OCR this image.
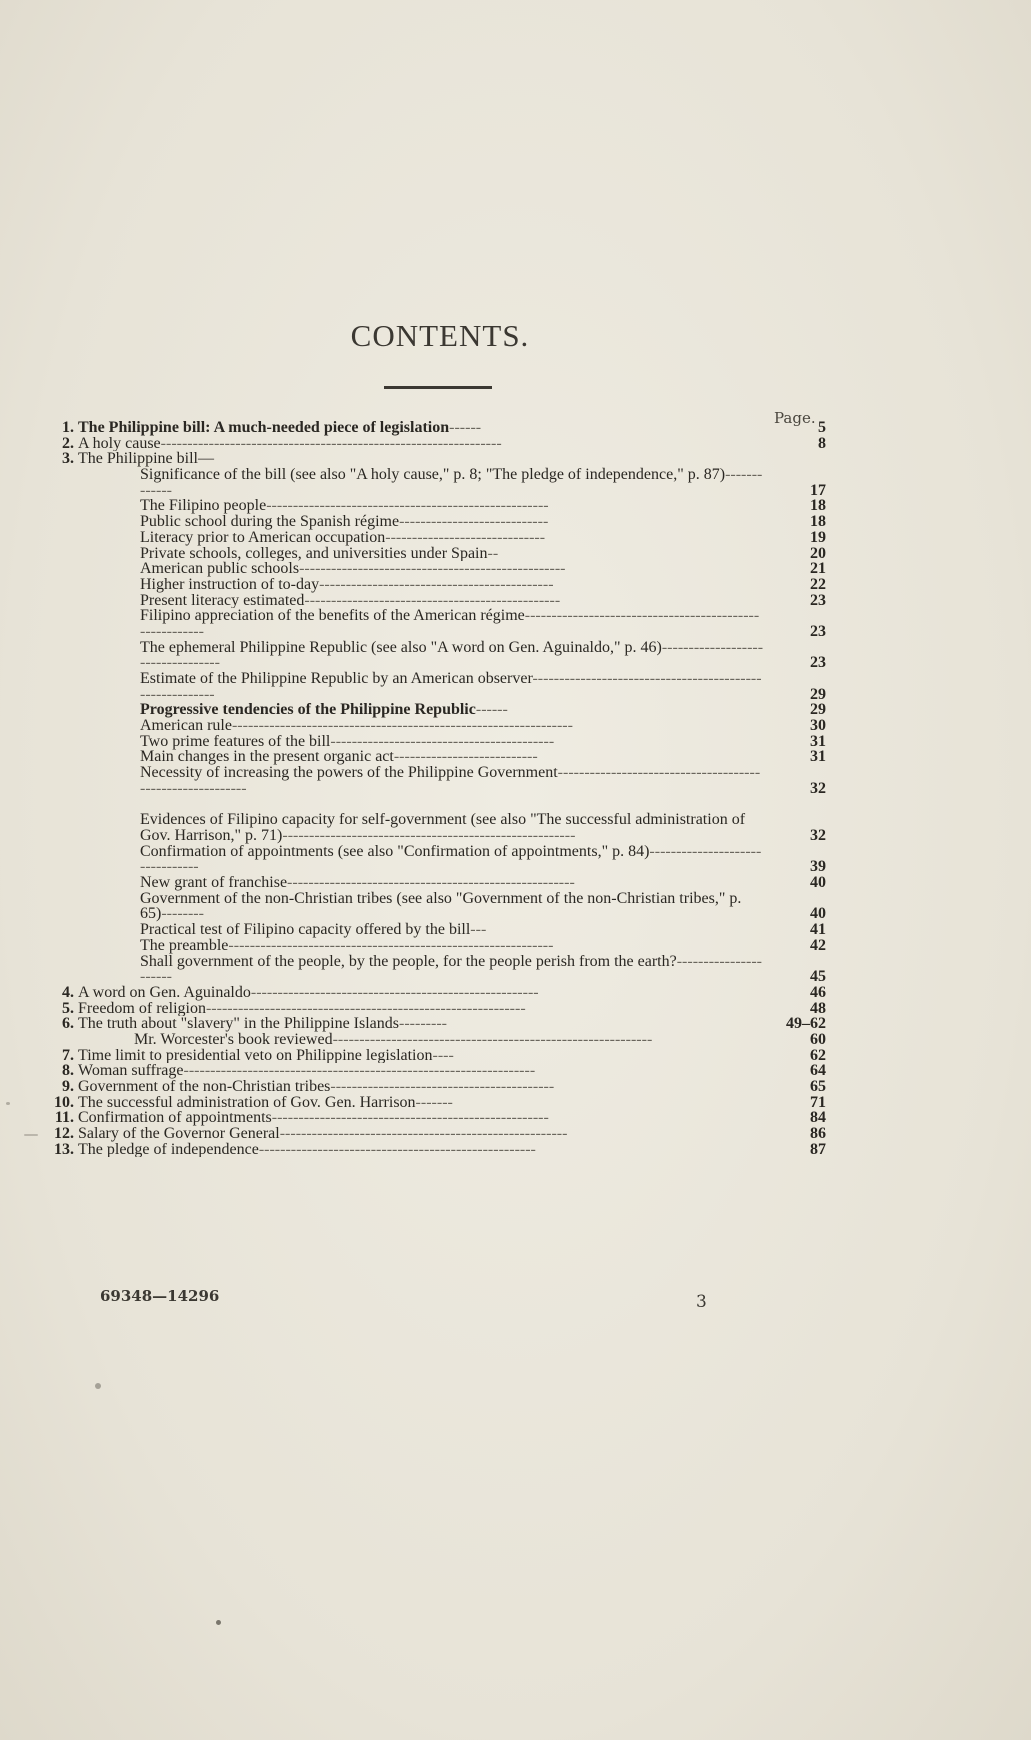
CONTENTS.
Page.
1. The Philippine bill: A much-needed piece of legislation------	5
2. A holy cause----------------------------------------------------------------	8
3. The Philippine bill—
Significance of the bill (see also "A holy cause," p. 8; "The pledge of independence," p. 87)-------------	17
The Filipino people-----------------------------------------------------	18
Public school during the Spanish régime----------------------------	18
Literacy prior to American occupation------------------------------	19
Private schools, colleges, and universities under Spain--	20
American public schools--------------------------------------------------	21
Higher instruction of to-day--------------------------------------------	22
Present literacy estimated------------------------------------------------	23
Filipino appreciation of the benefits of the American régime--------------------------------------------------------	23
The ephemeral Philippine Republic (see also "A word on Gen. Aguinaldo," p. 46)----------------------------------	23
Estimate of the Philippine Republic by an American observer---------------------------------------------------------	29
Progressive tendencies of the Philippine Republic------	29
American rule----------------------------------------------------------------	30
Two prime features of the bill------------------------------------------	31
Main changes in the present organic act---------------------------	31
Necessity of increasing the powers of the Philippine Government----------------------------------------------------------	32
Evidences of Filipino capacity for self-government (see also "The successful administration of Gov. Harrison," p. 71)-------------------------------------------------------	32
Confirmation of appointments (see also "Confirmation of appointments," p. 84)--------------------------------	39
New grant of franchise------------------------------------------------------	40
Government of the non-Christian tribes (see also "Government of the non-Christian tribes," p. 65)--------	40
Practical test of Filipino capacity offered by the bill---	41
The preamble-------------------------------------------------------------	42
Shall government of the people, by the people, for the people perish from the earth?----------------------	45
4. A word on Gen. Aguinaldo------------------------------------------------------	46
5. Freedom of religion------------------------------------------------------------	48
6. The truth about "slavery" in the Philippine Islands---------	49–62
Mr. Worcester's book reviewed------------------------------------------------------------	60
7. Time limit to presidential veto on Philippine legislation----	62
8. Woman suffrage------------------------------------------------------------------	64
9. Government of the non-Christian tribes------------------------------------------	65
10. The successful administration of Gov. Gen. Harrison-------	71
11. Confirmation of appointments----------------------------------------------------	84
12. Salary of the Governor General------------------------------------------------------	86
13. The pledge of independence----------------------------------------------------	87
69348—14296	3
